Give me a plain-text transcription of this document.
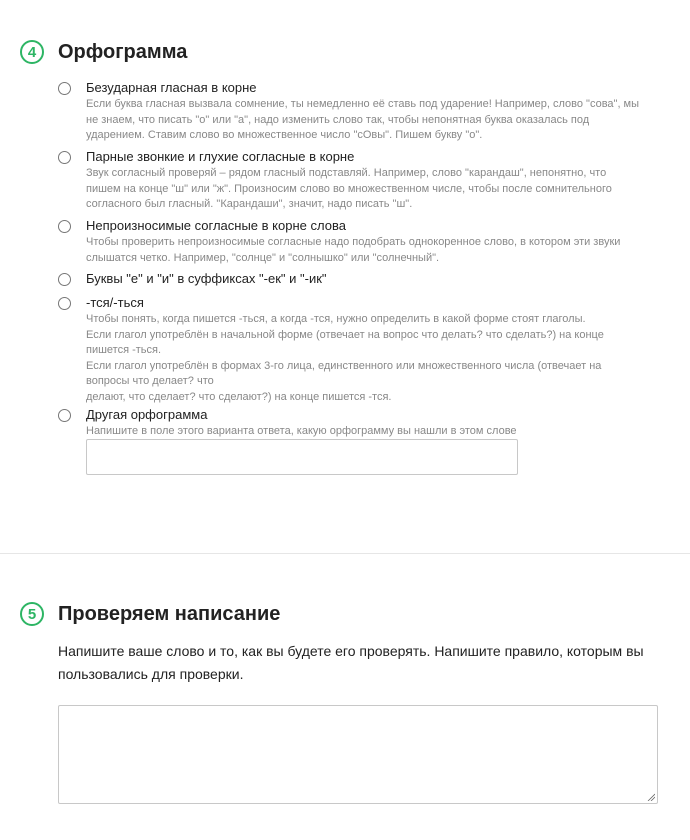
4	Орфограмма
Безударная гласная в корне
Если буква гласная вызвала сомнение, ты немедленно её ставь под ударение! Например, слово "сова", мы
не знаем, что писать "о" или "а", надо изменить слово так, чтобы непонятная буква оказалась под
ударением. Ставим слово во множественное число "сОвы". Пишем букву "о".
Парные звонкие и глухие согласные в корне
Звук согласный проверяй – рядом гласный подставляй. Например, слово "карандаш", непонятно, что
пишем на конце "ш" или "ж". Произносим слово во множественном числе, чтобы после сомнительного
согласного был гласный. "Карандаши", значит, надо писать "ш".
Непроизносимые согласные в корне слова
Чтобы проверить непроизносимые согласные надо подобрать однокоренное слово, в котором эти звуки
слышатся четко. Например, "солнце" и "солнышко" или "солнечный".
Буквы "е" и "и" в суффиксах "-ек" и "-ик"
-тся/-ться
Чтобы понять, когда пишется -ться, а когда -тся, нужно определить в какой форме стоят глаголы.
Если глагол употреблён в начальной форме (отвечает на вопрос что делать? что сделать?) на конце
пишется -ться.
Если глагол употреблён в формах 3-го лица, единственного или множественного числа (отвечает на
вопросы что делает? что
делают, что сделает? что сделают?) на конце пишется -тся.
Другая орфограмма
Напишите в поле этого варианта ответа, какую орфограмму вы нашли в этом слове
5	Проверяем написание
Напишите ваше слово и то, как вы будете его проверять. Напишите правило, которым вы
пользовались для проверки.
